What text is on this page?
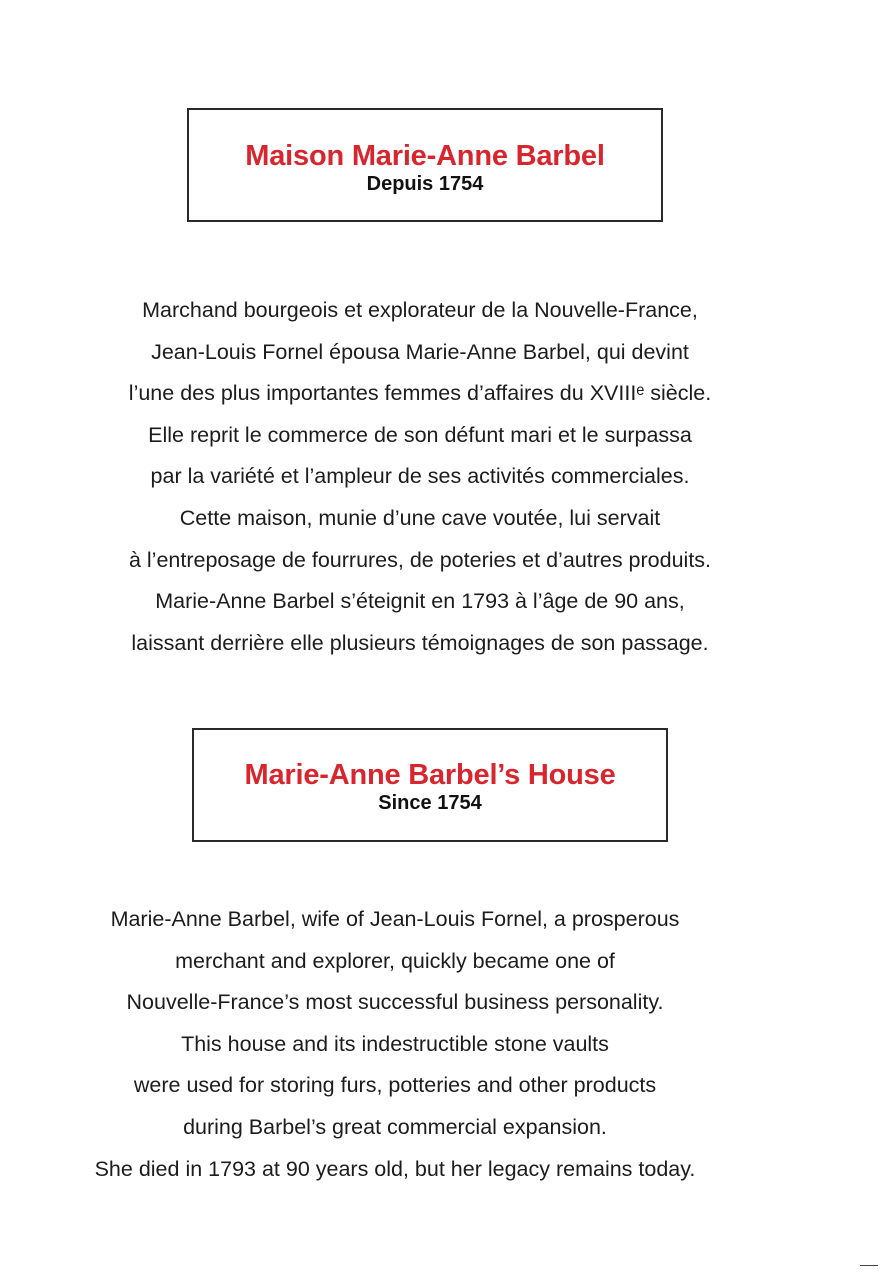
Maison Marie-Anne Barbel
Depuis 1754
Marchand bourgeois et explorateur de la Nouvelle-France,
Jean-Louis Fornel épousa Marie-Anne Barbel, qui devint
l’une des plus importantes femmes d’affaires du XVIIIᵉ siècle.
Elle reprit le commerce de son défunt mari et le surpassa
par la variété et l’ampleur de ses activités commerciales.
Cette maison, munie d’une cave voutée, lui servait
à l’entreposage de fourrures, de poteries et d’autres produits.
Marie-Anne Barbel s’éteignit en 1793 à l’âge de 90 ans,
laissant derrière elle plusieurs témoignages de son passage.
Marie-Anne Barbel’s House
Since 1754
Marie-Anne Barbel, wife of Jean-Louis Fornel, a prosperous
merchant and explorer, quickly became one of
Nouvelle-France’s most successful business personality.
This house and its indestructible stone vaults
were used for storing furs, potteries and other products
during Barbel’s great commercial expansion.
She died in 1793 at 90 years old, but her legacy remains today.
